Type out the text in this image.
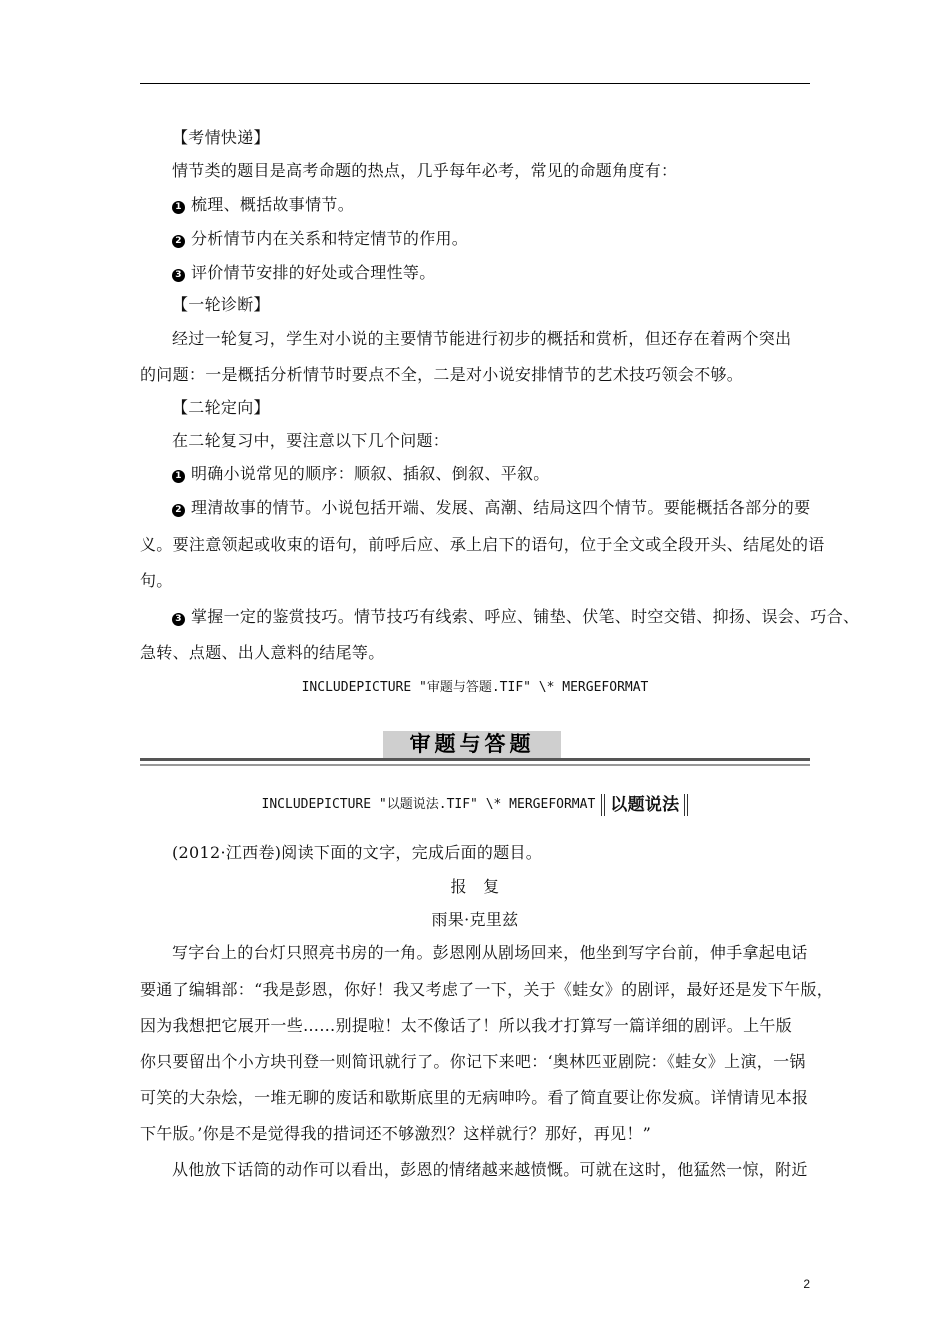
【考情快递】
情节类的题目是高考命题的热点，几乎每年必考，常见的命题角度有：
1 梳理、概括故事情节。
2 分析情节内在关系和特定情节的作用。
3 评价情节安排的好处或合理性等。
【一轮诊断】
经过一轮复习，学生对小说的主要情节能进行初步的概括和赏析，但还存在着两个突出
的问题：一是概括分析情节时要点不全，二是对小说安排情节的艺术技巧领会不够。
【二轮定向】
在二轮复习中，要注意以下几个问题：
1 明确小说常见的顺序：顺叙、插叙、倒叙、平叙。
2 理清故事的情节。小说包括开端、发展、高潮、结局这四个情节。要能概括各部分的要
义。要注意领起或收束的语句，前呼后应、承上启下的语句，位于全文或全段开头、结尾处的语
句。
3 掌握一定的鉴赏技巧。情节技巧有线索、呼应、铺垫、伏笔、时空交错、抑扬、误会、巧合、
急转、点题、出人意料的结尾等。
INCLUDEPICTURE "审题与答题.TIF" \* MERGEFORMAT
审题与答题
INCLUDEPICTURE "以题说法.TIF" \* MERGEFORMAT 以题说法
(2012·江西卷)阅读下面的文字，完成后面的题目。
报　复
雨果·克里兹
写字台上的台灯只照亮书房的一角。彭恩刚从剧场回来，他坐到写字台前，伸手拿起电话
要通了编辑部：“我是彭恩，你好！我又考虑了一下，关于《蛙女》的剧评，最好还是发下午版，
因为我想把它展开一些……别提啦！太不像话了！所以我才打算写一篇详细的剧评。上午版
你只要留出个小方块刊登一则简讯就行了。你记下来吧：‘奥林匹亚剧院：《蛙女》上演，一锅
可笑的大杂烩，一堆无聊的废话和歇斯底里的无病呻吟。看了简直要让你发疯。详情请见本报
下午版。’你是不是觉得我的措词还不够激烈？这样就行？那好，再见！”
从他放下话筒的动作可以看出，彭恩的情绪越来越愤慨。可就在这时，他猛然一惊，附近
2
